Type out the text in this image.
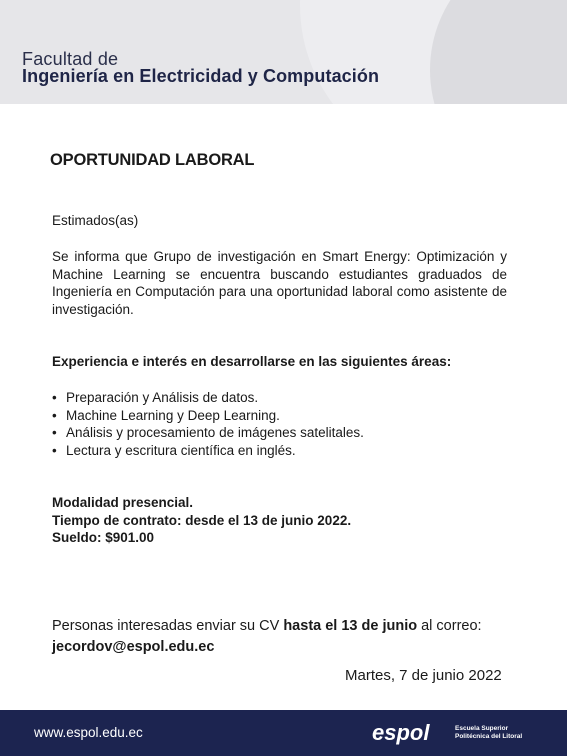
Facultad de
Ingeniería en Electricidad y Computación
OPORTUNIDAD LABORAL
Estimados(as)
Se informa que Grupo de investigación en Smart Energy: Optimización y Machine Learning se encuentra buscando estudiantes graduados de Ingeniería en Computación para una oportunidad laboral como asistente de investigación.
Experiencia e interés en desarrollarse en las siguientes áreas:
• Preparación y Análisis de datos.
• Machine Learning y Deep Learning.
• Análisis y procesamiento de imágenes satelitales.
• Lectura y escritura científica en inglés.
Modalidad presencial.
Tiempo de contrato: desde el 13 de junio 2022.
Sueldo: $901.00
Personas interesadas enviar su CV hasta el 13 de junio al correo:
jecordov@espol.edu.ec
Martes, 7 de junio 2022
www.espol.edu.ec	espol	Escuela Superior
Politécnica del Litoral
